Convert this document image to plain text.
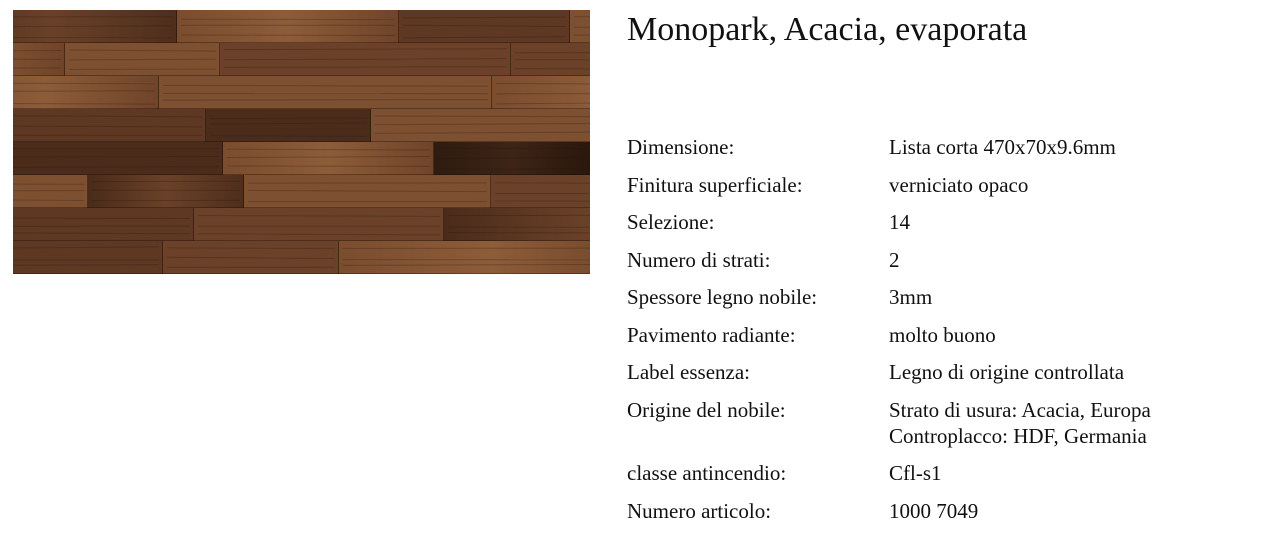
Monopark, Acacia, evaporata
Dimensione:	Lista corta 470x70x9.6mm
Finitura superficiale:	verniciato opaco
Selezione:	14
Numero di strati:	2
Spessore legno nobile:	3mm
Pavimento radiante:	molto buono
Label essenza:	Legno di origine controllata
Origine del nobile:	Strato di usura: Acacia, Europa
Controplacco: HDF, Germania
classe antincendio:	Cfl-s1
Numero articolo:	1000 7049
